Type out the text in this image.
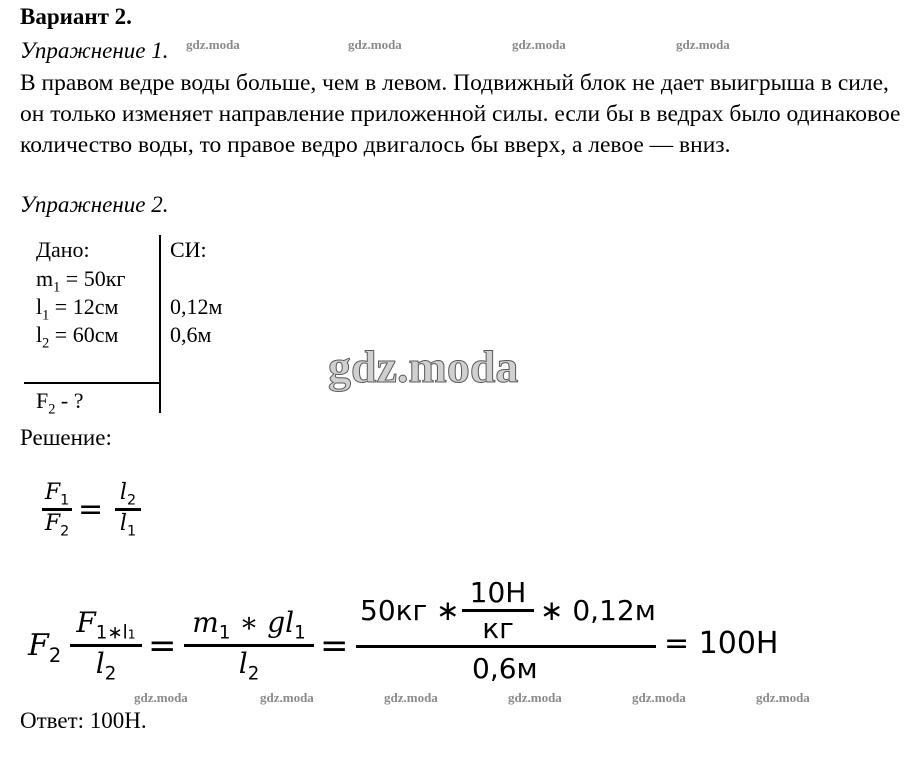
Вариант 2.
Упражнение 1.
В правом ведре воды больше, чем в левом. Подвижный блок не дает выигрыша в силе, он только изменяет направление приложенной силы. если бы в ведрах было одинаковое количество воды, то правое ведро двигалось бы вверх, а левое — вниз.
Упражнение 2.
gdz.moda	gdz.moda	gdz.moda	gdz.moda
Дано:	СИ:
$m_1 = 50кг$
$l_1 = 12см$ 0,12м
$l_2 = 60см$ 0,6м
$F_2$ - ?
gdz.moda
Решение:
$F_1$
$F_2$
= $l_2$
$l_1$
$F_2$
$F_{1∗l1}$
$l_2$
=
$m_1$ ∗ $gl_1$
$l_2$
=
50кг ∗
10Н
кг
∗ 0,12м
0,6м
= 100Н
gdz.moda	gdz.moda	gdz.moda	gdz.moda	gdz.moda	gdz.moda
Ответ: 100Н.
